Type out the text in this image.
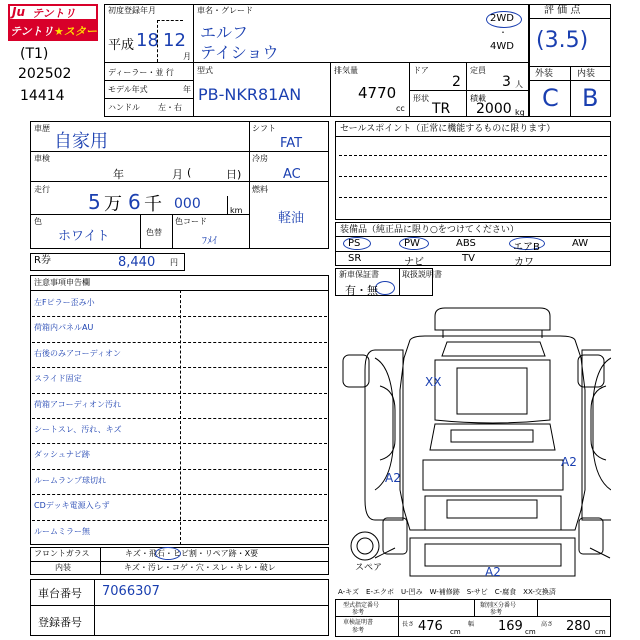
Ju テントリ
テントリ ★スター
(T1)
202502
14414
初度登録年月
平成 18 12
月
車名・グレード
エルフ
テイショウ
2WD
・
4WD
評 価 点
(3.5)
外装	内装
C B
ディーラー・並 行
モデル年式	年
ハンドル 左・右
型式
PB-NKR81AN
排気量
4770
cc
ドア
2
定員
3 人
形状
TR
積載
2000 kg
車歴
自家用
車検
年	月 (	日)
走行
5 万 6 千 000	km
色
ホワイト	色替
色コード
ﾌﾒｲ
シフト
FAT
冷房
AC
燃料
軽油
R券	8,440 円
セールスポイント（正常に機能するものに限ります）
装備品（純正品に限り○をつけてください）
PS	PW	ABS	エアB	AW
SR	ナビ	TV	カワ
新車保証書	取扱説明書
有・無
注意事項申告欄
左Fピラー歪み小
荷箱内パネルAU
右後のみアコーディオン
スライド固定
荷箱アコーディオン汚れ
シートスレ、汚れ、キズ
ダッシュナビ跡
ルームランプ球切れ
CDデッキ電源入らず
ルームミラー無
フロントガラス	キズ・飛石・ヒビ割・リペア跡・X要
内装	キズ・汚レ・コゲ・穴・スレ・キレ・破レ
車台番号 7066307
登録番号
XX
A2
A2
A2
スペア
A-キズ　E-エクボ　U-凹み　W-補修跡　S-サビ　C-腐食　XX-交換済
型式指定番号
参考
類別区分番号
参考
車検証明書
参考
長さ 476 cm
幅 169 cm
高さ 280 cm
